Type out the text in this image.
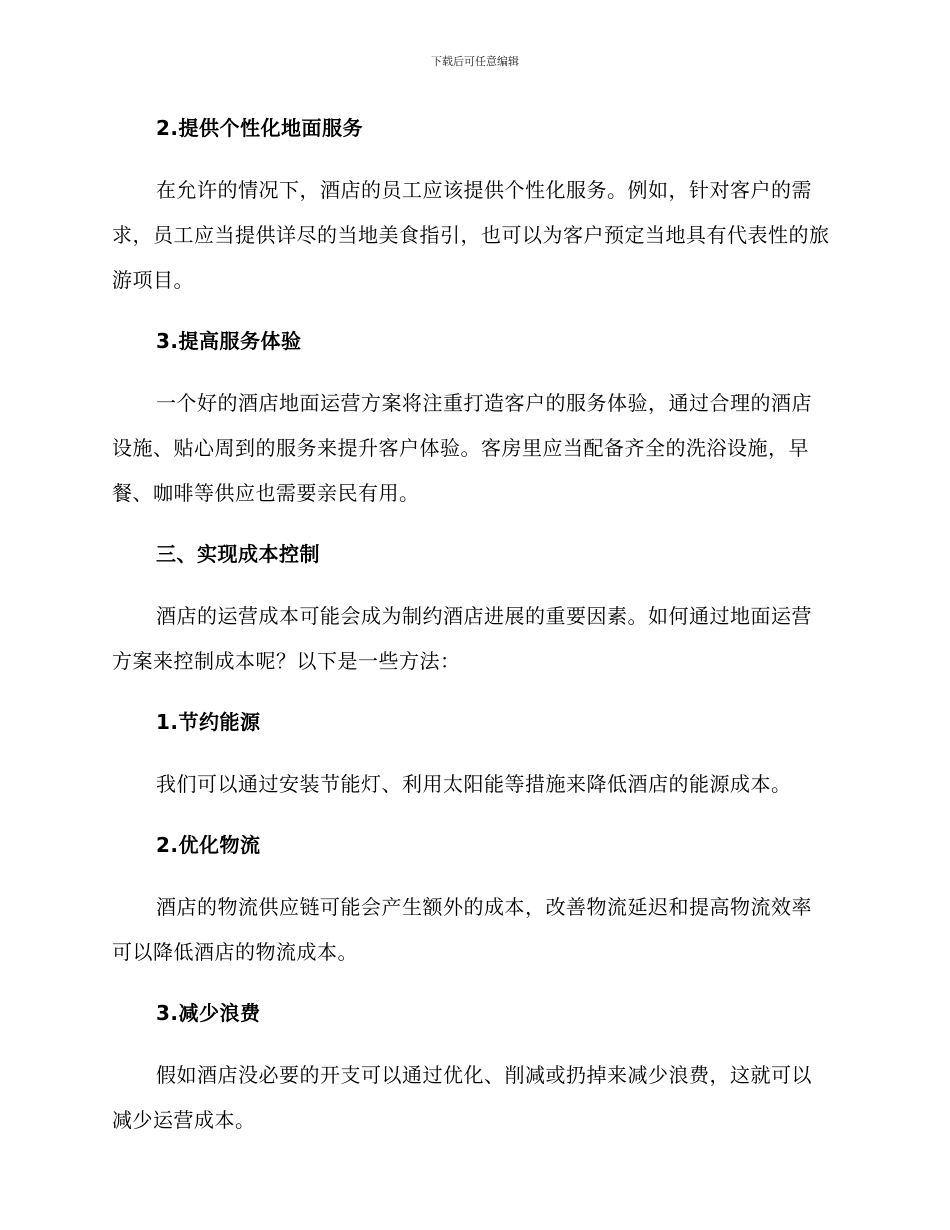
下载后可任意编辑
2.提供个性化地面服务

在允许的情况下，酒店的员工应该提供个性化服务。例如，针对客户的需求，员工应当提供详尽的当地美食指引，也可以为客户预定当地具有代表性的旅游项目。

3.提高服务体验

一个好的酒店地面运营方案将注重打造客户的服务体验，通过合理的酒店设施、贴心周到的服务来提升客户体验。客房里应当配备齐全的洗浴设施，早餐、咖啡等供应也需要亲民有用。

三、实现成本控制

酒店的运营成本可能会成为制约酒店进展的重要因素。如何通过地面运营方案来控制成本呢？以下是一些方法：

1.节约能源

我们可以通过安装节能灯、利用太阳能等措施来降低酒店的能源成本。

2.优化物流

酒店的物流供应链可能会产生额外的成本，改善物流延迟和提高物流效率可以降低酒店的物流成本。

3.减少浪费

假如酒店没必要的开支可以通过优化、削减或扔掉来减少浪费，这就可以减少运营成本。
